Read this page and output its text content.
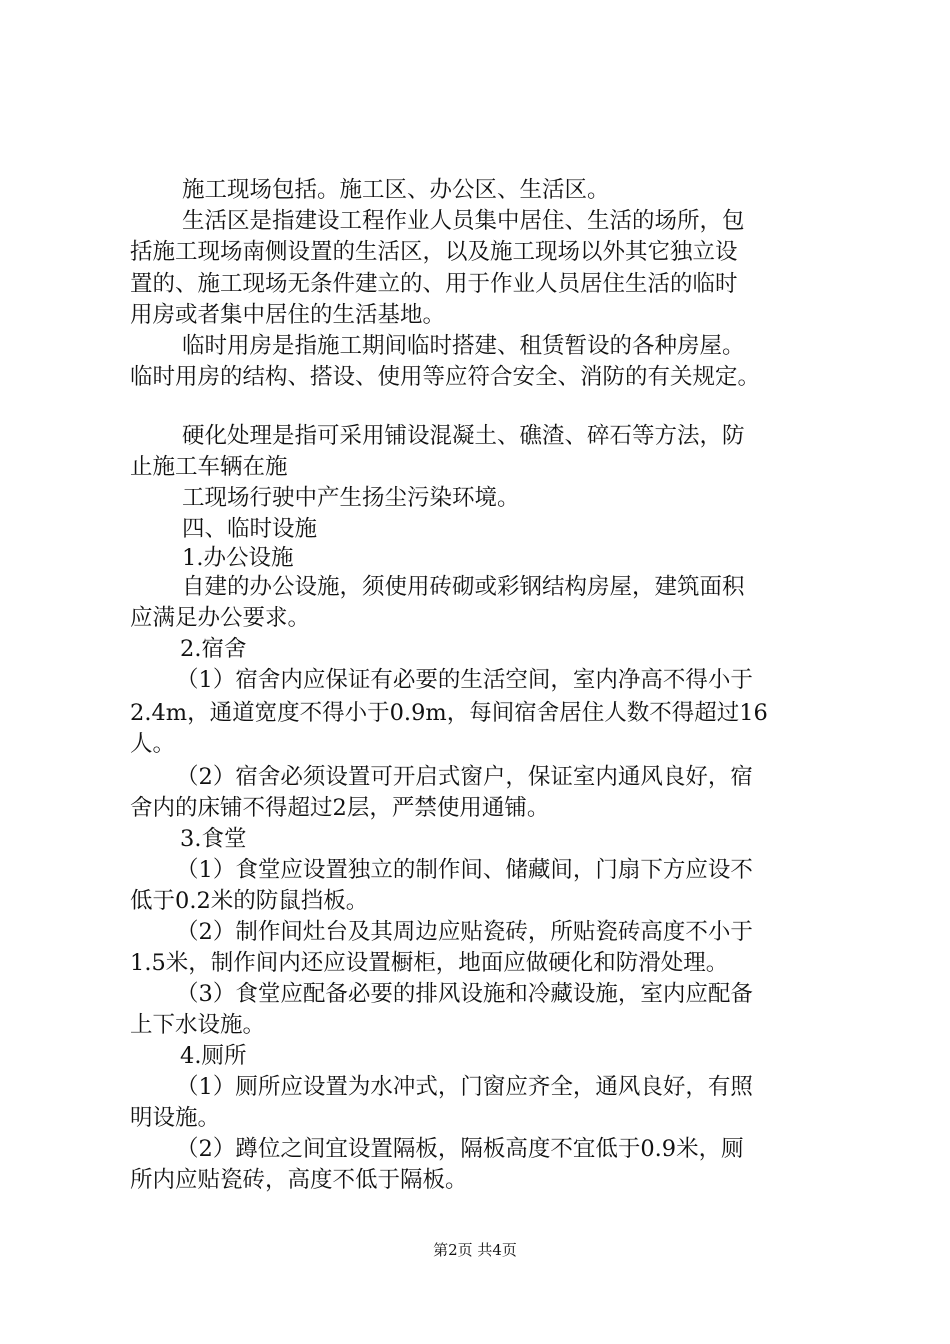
施工现场包括。施工区、办公区、生活区。
生活区是指建设工程作业人员集中居住、生活的场所，包
括施工现场南侧设置的生活区，以及施工现场以外其它独立设
置的、施工现场无条件建立的、用于作业人员居住生活的临时
用房或者集中居住的生活基地。
临时用房是指施工期间临时搭建、租赁暂设的各种房屋。
临时用房的结构、搭设、使用等应符合安全、消防的有关规定。
硬化处理是指可采用铺设混凝土、礁渣、碎石等方法，防
止施工车辆在施
工现场行驶中产生扬尘污染环境。
四、临时设施
1.办公设施
自建的办公设施，须使用砖砌或彩钢结构房屋，建筑面积
应满足办公要求。
2.宿舍
（1）宿舍内应保证有必要的生活空间，室内净高不得小于
2.4m，通道宽度不得小于0.9m，每间宿舍居住人数不得超过16
人。
（2）宿舍必须设置可开启式窗户，保证室内通风良好，宿
舍内的床铺不得超过2层，严禁使用通铺。
3.食堂
（1）食堂应设置独立的制作间、储藏间，门扇下方应设不
低于0.2米的防鼠挡板。
（2）制作间灶台及其周边应贴瓷砖，所贴瓷砖高度不小于
1.5米，制作间内还应设置橱柜，地面应做硬化和防滑处理。
（3）食堂应配备必要的排风设施和冷藏设施，室内应配备
上下水设施。
4.厕所
（1）厕所应设置为水冲式，门窗应齐全，通风良好，有照
明设施。
（2）蹲位之间宜设置隔板，隔板高度不宜低于0.9米，厕
所内应贴瓷砖，高度不低于隔板。
第2页 共4页
